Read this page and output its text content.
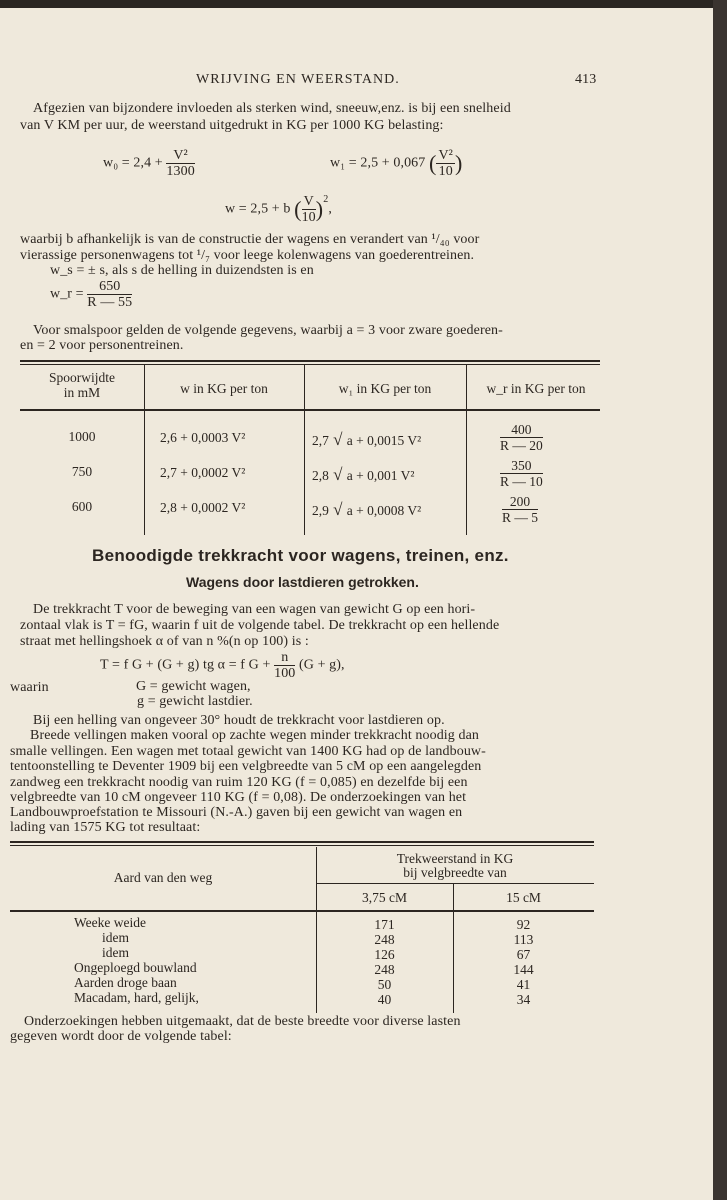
WRIJVING EN WEERSTAND.	413
Afgezien van bijzondere invloeden als sterken wind, sneeuw,enz. is bij een snelheid
van V KM per uur, de weerstand uitgedrukt in KG per 1000 KG belasting:
$w_0 = 2,4 + \frac{\text{V²}}{1300}$	w₁ = 2,5 + 0,067 ( $\frac{\text{V²}}{10}$ )
w = 2,5 + b ( $\frac{V}{10} )^2$,
waarbij b afhankelijk is van de constructie der wagens en verandert van ¹/₄₀ voor
vierassige personenwagens tot ¹/₇ voor leege kolenwagens van goederentreinen.
w_s = ± s, als s de helling in duizendsten is en
w_r = $\frac{650}{R — 55}$
Voor smalspoor gelden de volgende gegevens, waarbij a = 3 voor zware goederen-
en = 2 voor personentreinen.
Spoorwijdte
in mM	w in KG per ton	w₁ in KG per ton	w_r in KG per ton
1000	2,6 + 0,0003 V²	2,7 √ a + 0,0015 V²	$\frac{400}{R — 20}$
750	2,7 + 0,0002 V²	2,8 √ a + 0,001 V²	$\frac{350}{R — 10}$
600	2,8 + 0,0002 V²	2,9 √ a + 0,0008 V²	$\frac{200}{R — 5}$
Benoodigde trekkracht voor wagens, treinen, enz.
Wagens door lastdieren getrokken.
De trekkracht T voor de beweging van een wagen van gewicht G op een hori-
zontaal vlak is T = fG, waarin f uit de volgende tabel. De trekkracht op een hellende
straat met hellingshoek α of van n %(n op 100) is :
T = f G + (G + g) tg α = f $G + \frac{n}{100} (G + g)$,
waarin	G = gewicht wagen,
g = gewicht lastdier.
Bij een helling van ongeveer 30° houdt de trekkracht voor lastdieren op.
Breede vellingen maken vooral op zachte wegen minder trekkracht noodig dan
smalle vellingen. Een wagen met totaal gewicht van 1400 KG had op de landbouw-
tentoonstelling te Deventer 1909 bij een velgbreedte van 5 cM op een aangelegden
zandweg een trekkracht noodig van ruim 120 KG (f = 0,085) en dezelfde bij een
velgbreedte van 10 cM ongeveer 110 KG (f = 0,08). De onderzoekingen van het
Landbouwproefstation te Missouri (N.-A.) gaven bij een gewicht van wagen en
lading van 1575 KG tot resultaat:
Aard van den weg
Trekweerstand in KG
bij velgbreedte van
3,75 cM	15 cM
Weeke weide	171	92
idem	248	113
idem	126	67
Ongeploegd bouwland	248	144
Aarden droge baan	50	41
Macadam, hard, gelijk,	40	34
Onderzoekingen hebben uitgemaakt, dat de beste breedte voor diverse lasten
gegeven wordt door de volgende tabel:
